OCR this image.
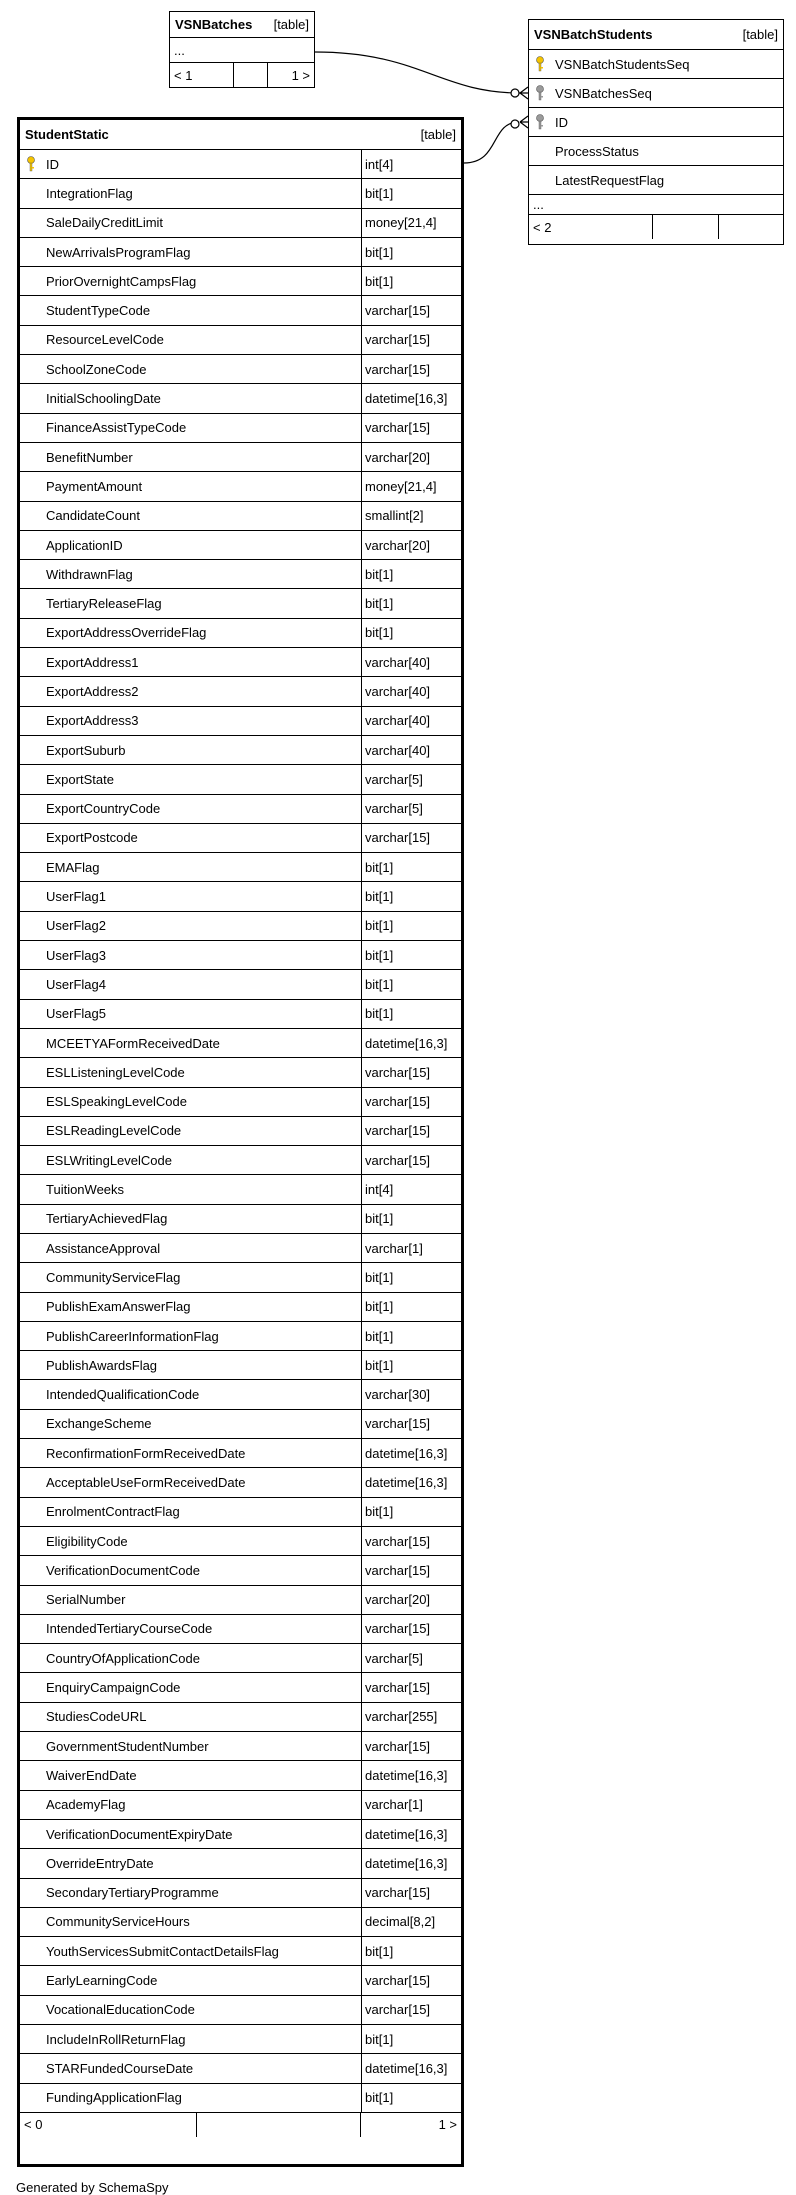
VSNBatches [table]
...
< 1	1 >
VSNBatchStudents	[table]
VSNBatchStudentsSeq
VSNBatchesSeq
ID
ProcessStatus
LatestRequestFlag
...
< 2
StudentStatic	[table]
ID	int[4]
IntegrationFlag	bit[1]
SaleDailyCreditLimit	money[21,4]
NewArrivalsProgramFlag	bit[1]
PriorOvernightCampsFlag	bit[1]
StudentTypeCode	varchar[15]
ResourceLevelCode	varchar[15]
SchoolZoneCode	varchar[15]
InitialSchoolingDate	datetime[16,3]
FinanceAssistTypeCode	varchar[15]
BenefitNumber	varchar[20]
PaymentAmount	money[21,4]
CandidateCount	smallint[2]
ApplicationID	varchar[20]
WithdrawnFlag	bit[1]
TertiaryReleaseFlag	bit[1]
ExportAddressOverrideFlag	bit[1]
ExportAddress1	varchar[40]
ExportAddress2	varchar[40]
ExportAddress3	varchar[40]
ExportSuburb	varchar[40]
ExportState	varchar[5]
ExportCountryCode	varchar[5]
ExportPostcode	varchar[15]
EMAFlag	bit[1]
UserFlag1	bit[1]
UserFlag2	bit[1]
UserFlag3	bit[1]
UserFlag4	bit[1]
UserFlag5	bit[1]
MCEETYAFormReceivedDate	datetime[16,3]
ESLListeningLevelCode	varchar[15]
ESLSpeakingLevelCode	varchar[15]
ESLReadingLevelCode	varchar[15]
ESLWritingLevelCode	varchar[15]
TuitionWeeks	int[4]
TertiaryAchievedFlag	bit[1]
AssistanceApproval	varchar[1]
CommunityServiceFlag	bit[1]
PublishExamAnswerFlag	bit[1]
PublishCareerInformationFlag	bit[1]
PublishAwardsFlag	bit[1]
IntendedQualificationCode	varchar[30]
ExchangeScheme	varchar[15]
ReconfirmationFormReceivedDate	datetime[16,3]
AcceptableUseFormReceivedDate	datetime[16,3]
EnrolmentContractFlag	bit[1]
EligibilityCode	varchar[15]
VerificationDocumentCode	varchar[15]
SerialNumber	varchar[20]
IntendedTertiaryCourseCode	varchar[15]
CountryOfApplicationCode	varchar[5]
EnquiryCampaignCode	varchar[15]
StudiesCodeURL	varchar[255]
GovernmentStudentNumber	varchar[15]
WaiverEndDate	datetime[16,3]
AcademyFlag	varchar[1]
VerificationDocumentExpiryDate	datetime[16,3]
OverrideEntryDate	datetime[16,3]
SecondaryTertiaryProgramme	varchar[15]
CommunityServiceHours	decimal[8,2]
YouthServicesSubmitContactDetailsFlag	bit[1]
EarlyLearningCode	varchar[15]
VocationalEducationCode	varchar[15]
IncludeInRollReturnFlag	bit[1]
STARFundedCourseDate	datetime[16,3]
FundingApplicationFlag	bit[1]
< 0	1 >
Generated by SchemaSpy
